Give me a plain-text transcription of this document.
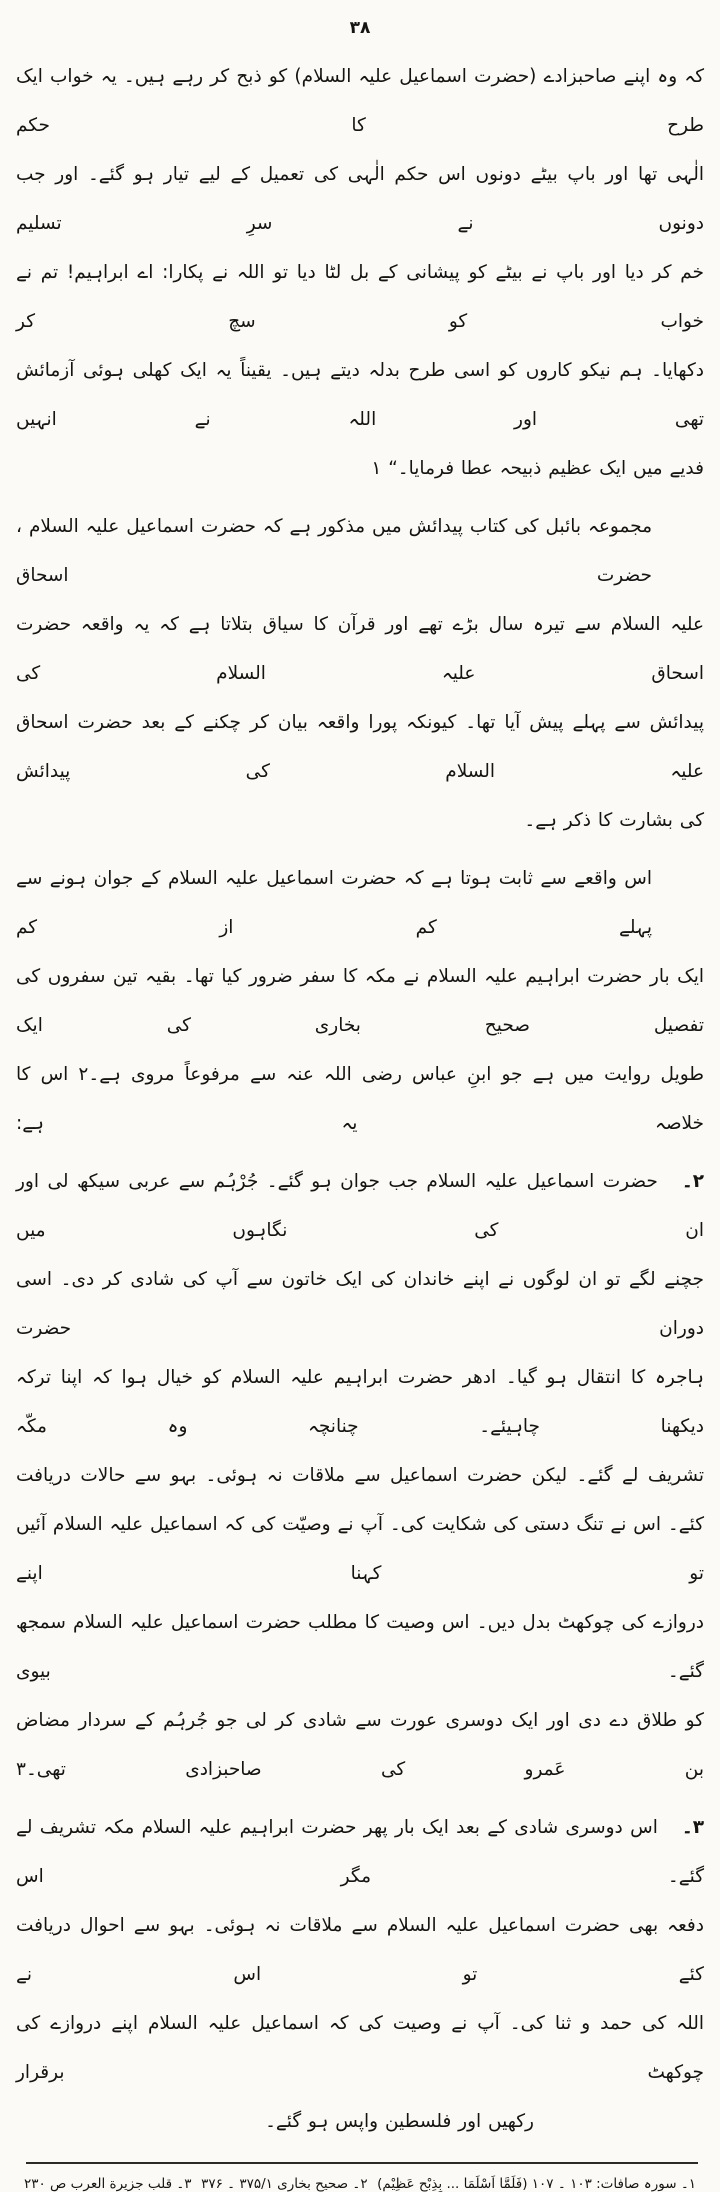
۳۸
کہ وہ اپنے صاحبزادے (حضرت اسماعیل علیہ السلام) کو ذبح کر رہے ہیں۔ یہ خواب ایک طرح کا حکم
الٰہی تھا اور باپ بیٹے دونوں اس حکم الٰہی کی تعمیل کے لیے تیار ہو گئے۔ اور جب دونوں نے سرِ تسلیم
خم کر دیا اور باپ نے بیٹے کو پیشانی کے بل لٹا دیا تو اللہ نے پکارا: اے ابراہیم! تم نے خواب کو سچ کر
دکھایا۔ ہم نیکو کاروں کو اسی طرح بدلہ دیتے ہیں۔ یقیناً یہ ایک کھلی ہوئی آزمائش تھی اور اللہ نے انہیں
فدیے میں ایک عظیم ذبیحہ عطا فرمایا۔“ ۱
مجموعہ بائبل کی کتاب پیدائش میں مذکور ہے کہ حضرت اسماعیل علیہ السلام ، حضرت اسحاق
علیہ السلام سے تیرہ سال بڑے تھے اور قرآن کا سیاق بتلاتا ہے کہ یہ واقعہ حضرت اسحاق علیہ السلام کی
پیدائش سے پہلے پیش آیا تھا۔ کیونکہ پورا واقعہ بیان کر چکنے کے بعد حضرت اسحاق علیہ السلام کی پیدائش
کی بشارت کا ذکر ہے۔
اس واقعے سے ثابت ہوتا ہے کہ حضرت اسماعیل علیہ السلام کے جوان ہونے سے پہلے کم از کم
ایک بار حضرت ابراہیم علیہ السلام نے مکہ کا سفر ضرور کیا تھا۔ بقیہ تین سفروں کی تفصیل صحیح بخاری کی ایک
طویل روایت میں ہے جو ابنِ عباس رضی اللہ عنہ سے مرفوعاً مروی ہے۔۲ اس کا خلاصہ یہ ہے:
۲۔حضرت اسماعیل علیہ السلام جب جوان ہو گئے۔ جُرْہُم سے عربی سیکھ لی اور ان کی نگاہوں میں
جچنے لگے تو ان لوگوں نے اپنے خاندان کی ایک خاتون سے آپ کی شادی کر دی۔ اسی دوران حضرت
ہاجرہ کا انتقال ہو گیا۔ ادھر حضرت ابراہیم علیہ السلام کو خیال ہوا کہ اپنا ترکہ دیکھنا چاہیئے۔ چنانچہ وہ مکّہ
تشریف لے گئے۔ لیکن حضرت اسماعیل سے ملاقات نہ ہوئی۔ بہو سے حالات دریافت
کئے۔ اس نے تنگ دستی کی شکایت کی۔ آپ نے وصیّت کی کہ اسماعیل علیہ السلام آئیں تو کہنا اپنے
دروازے کی چوکھٹ بدل دیں۔ اس وصیت کا مطلب حضرت اسماعیل علیہ السلام سمجھ گئے۔ بیوی
کو طلاق دے دی اور ایک دوسری عورت سے شادی کر لی جو جُرہُم کے سردار مضاض بن عَمرو کی صاحبزادی تھی۔۳
۳۔اس دوسری شادی کے بعد ایک بار پھر حضرت ابراہیم علیہ السلام مکہ تشریف لے گئے۔ مگر اس
دفعہ بھی حضرت اسماعیل علیہ السلام سے ملاقات نہ ہوئی۔ بہو سے احوال دریافت کئے تو اس نے
اللہ کی حمد و ثنا کی۔ آپ نے وصیت کی کہ اسماعیل علیہ السلام اپنے دروازے کی چوکھٹ برقرار
رکھیں اور فلسطین واپس ہو گئے۔
۱۔ سورہ صافات: ۱۰۳ ۔ ۱۰۷ (فَلَمَّا اَسْلَمَا ... بِذِبْحٍ عَظِيْمٍ)
۲۔ صحیح بخاری ۳۷۵/۱ ۔ ۳۷۶
۳۔ قلب جزیرة العرب ص ۲۳۰
